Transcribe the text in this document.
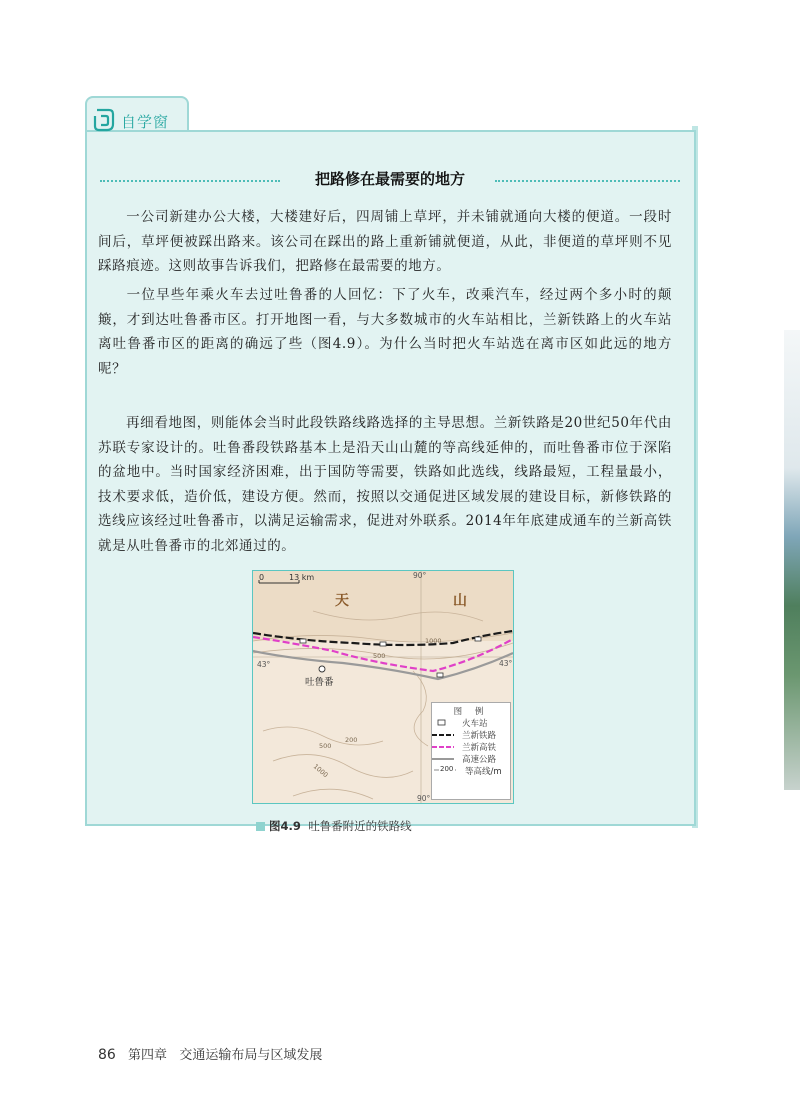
自学窗
把路修在最需要的地方
一公司新建办公大楼，大楼建好后，四周铺上草坪，并未铺就通向大楼的便道。一段时间后，草坪便被踩出路来。该公司在踩出的路上重新铺就便道，从此，非便道的草坪则不见踩路痕迹。这则故事告诉我们，把路修在最需要的地方。
一位早些年乘火车去过吐鲁番的人回忆：下了火车，改乘汽车，经过两个多小时的颠簸，才到达吐鲁番市区。打开地图一看，与大多数城市的火车站相比，兰新铁路上的火车站离吐鲁番市区的距离的确远了些（图4.9）。为什么当时把火车站选在离市区如此远的地方呢？
再细看地图，则能体会当时此段铁路线路选择的主导思想。兰新铁路是20世纪50年代由苏联专家设计的。吐鲁番段铁路基本上是沿天山山麓的等高线延伸的，而吐鲁番市位于深陷的盆地中。当时国家经济困难，出于国防等需要，铁路如此选线，线路最短，工程量最小，技术要求低，造价低，建设方便。然而，按照以交通促进区域发展的建设目标，新修铁路的选线应该经过吐鲁番市，以满足运输需求，促进对外联系。2014年年底建成通车的兰新高铁就是从吐鲁番市的北郊通过的。
0	13 km
天	山
90°
90°
43°	43°
吐鲁番
1000
500
200
500
1000
图 例
火车站
兰新铁路
兰新高铁
高速公路
200 等高线/m
图4.9 吐鲁番附近的铁路线
86 第四章 交通运输布局与区域发展
